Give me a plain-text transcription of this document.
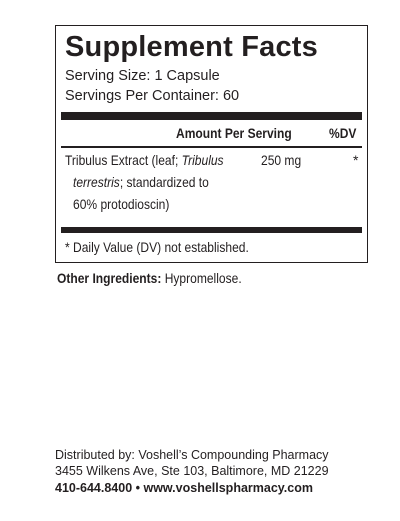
Supplement Facts
Serving Size: 1 Capsule
Servings Per Container: 60
Amount Per Serving	%DV
Tribulus Extract (leaf; Tribulus
terrestris; standardized to
60% protodioscin)
250 mg	*
* Daily Value (DV) not established.
Other Ingredients: Hypromellose.
Distributed by: Voshell’s Compounding Pharmacy
3455 Wilkens Ave, Ste 103, Baltimore, MD 21229
410-644.8400 • www.voshellspharmacy.com
